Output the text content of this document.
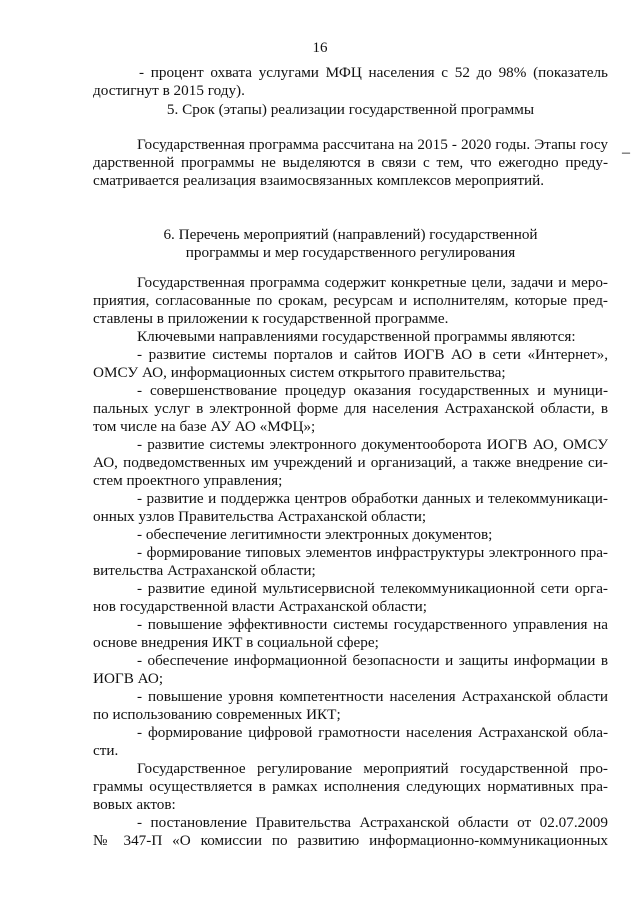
16
- процент охвата услугами МФЦ населения с 52 до 98% (показатель
достигнут в 2015 году).
5. Срок (этапы) реализации государственной программы
Государственная программа рассчитана на 2015 - 2020 годы. Этапы госу
дарственной программы не выделяются в связи с тем, что ежегодно преду-
сматривается реализация взаимосвязанных комплексов мероприятий.
–
6. Перечень мероприятий (направлений) государственной
программы и мер государственного регулирования
Государственная программа содержит конкретные цели, задачи и меро-
приятия, согласованные по срокам, ресурсам и исполнителям, которые пред-
ставлены в приложении к государственной программе.
Ключевыми направлениями государственной программы являются:
- развитие системы порталов и сайтов ИОГВ АО в сети «Интернет»,
ОМСУ АО, информационных систем открытого правительства;
- совершенствование процедур оказания государственных и муници-
пальных услуг в электронной форме для населения Астраханской области, в
том числе на базе АУ АО «МФЦ»;
- развитие системы электронного документооборота ИОГВ АО, ОМСУ
АО, подведомственных им учреждений и организаций, а также внедрение си-
стем проектного управления;
- развитие и поддержка центров обработки данных и телекоммуникаци-
онных узлов Правительства Астраханской области;
- обеспечение легитимности электронных документов;
- формирование типовых элементов инфраструктуры электронного пра-
вительства Астраханской области;
- развитие единой мультисервисной телекоммуникационной сети орга-
нов государственной власти Астраханской области;
- повышение эффективности системы государственного управления на
основе внедрения ИКТ в социальной сфере;
- обеспечение информационной безопасности и защиты информации в
ИОГВ АО;
- повышение уровня компетентности населения Астраханской области
по использованию современных ИКТ;
- формирование цифровой грамотности населения Астраханской обла-
сти.
Государственное регулирование мероприятий государственной про-
граммы осуществляется в рамках исполнения следующих нормативных пра-
вовых актов:
- постановление Правительства Астраханской области от 02.07.2009
№ 347-П «О комиссии по развитию информационно-коммуникационных
